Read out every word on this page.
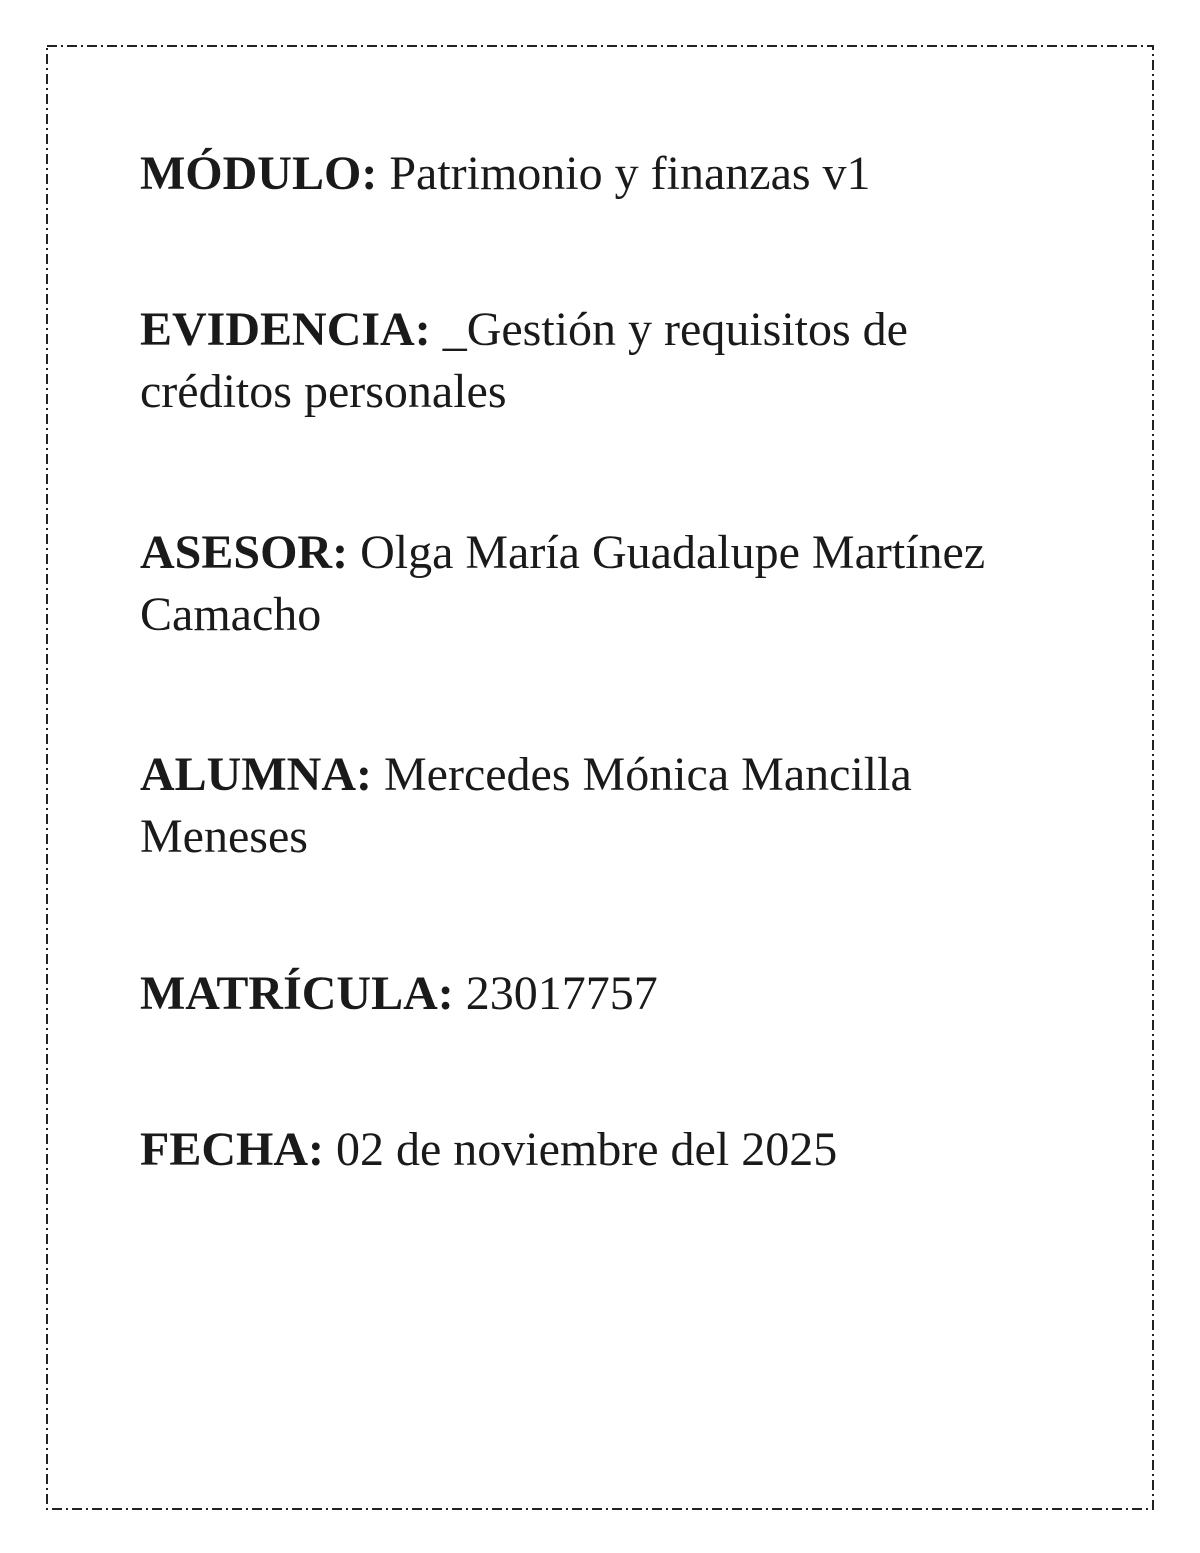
MÓDULO: Patrimonio y finanzas v1

EVIDENCIA: _Gestión y requisitos de créditos personales

ASESOR: Olga María Guadalupe Martínez Camacho

ALUMNA: Mercedes Mónica Mancilla Meneses

MATRÍCULA: 23017757

FECHA: 02 de noviembre del 2025
